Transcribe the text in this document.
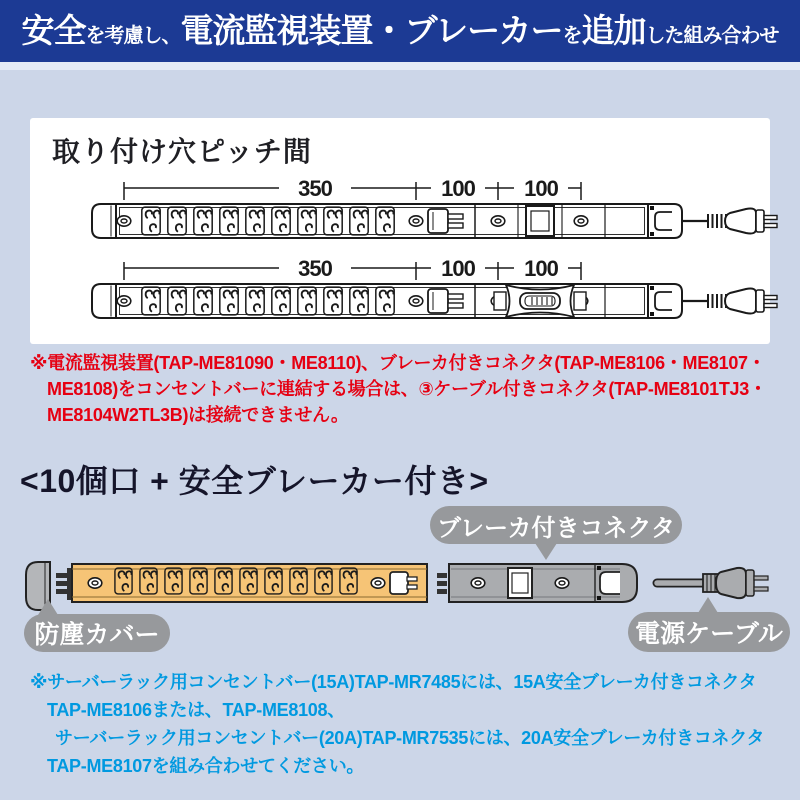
安全 を考慮し、 電流監視装置・ブレーカー を 追加 した組み合わせ
取り付け穴ピッチ間
※電流監視装置(TAP-ME81090・ME8110)、ブレーカ付きコネクタ(TAP-ME8106・ME8107・
ME8108)をコンセントバーに連結する場合は、③ケーブル付きコネクタ(TAP-ME8101TJ3・
ME8104W2TL3B)は接続できません。
<10個口 + 安全ブレーカー付き>
ブレーカ付きコネクタ
防塵カバー	電源ケーブル
※サーバーラック用コンセントバー(15A)TAP-MR7485には、15A安全ブレーカ付きコネクタ
TAP-ME8106または、TAP-ME8108、
サーバーラック用コンセントバー(20A)TAP-MR7535には、20A安全ブレーカ付きコネクタ
TAP-ME8107を組み合わせてください。
